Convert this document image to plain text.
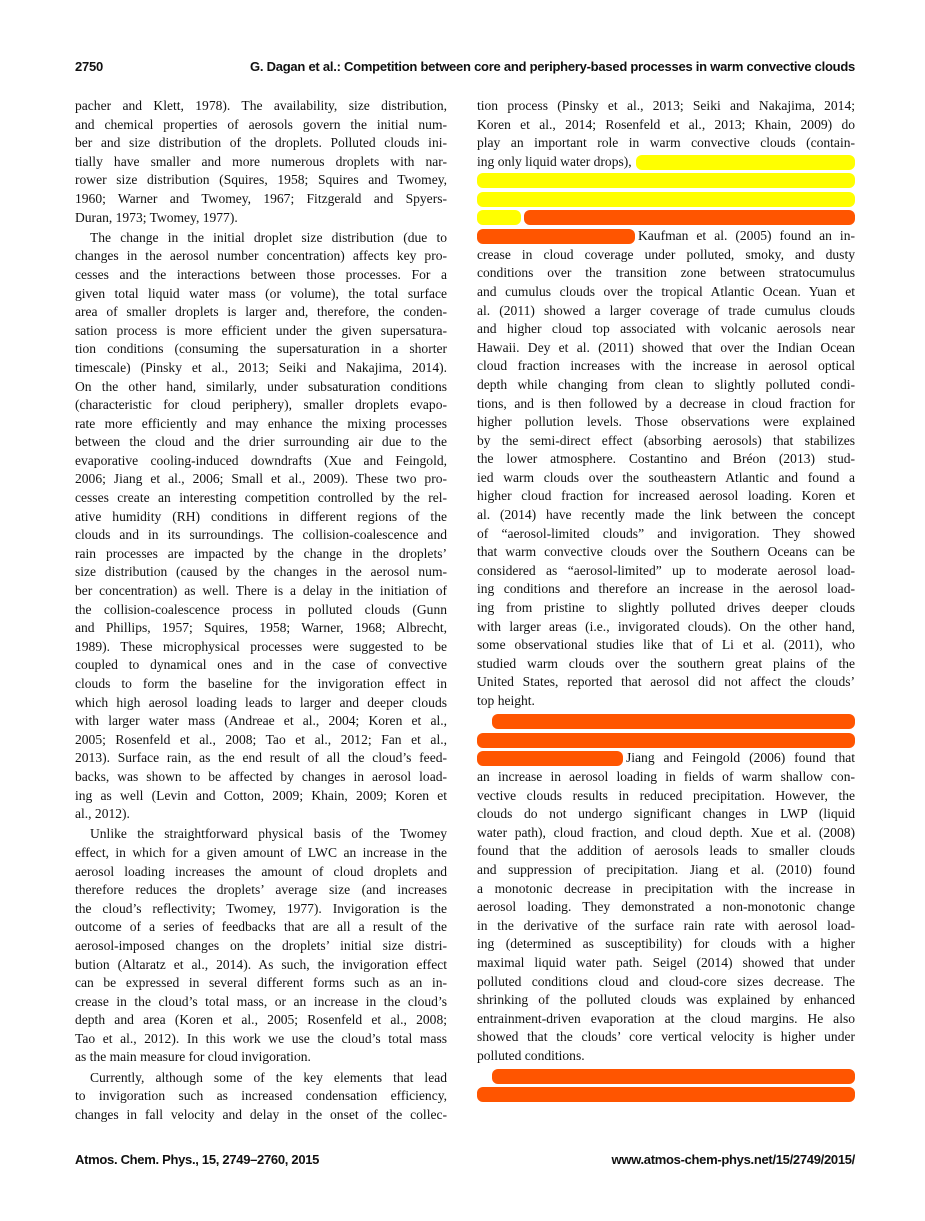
2750	G. Dagan et al.: Competition between core and periphery-based processes in warm convective clouds
pacher and Klett, 1978). The availability, size distribution,
and chemical properties of aerosols govern the initial num-
ber and size distribution of the droplets. Polluted clouds ini-
tially have smaller and more numerous droplets with nar-
rower size distribution (Squires, 1958; Squires and Twomey,
1960; Warner and Twomey, 1967; Fitzgerald and Spyers-
Duran, 1973; Twomey, 1977).
The change in the initial droplet size distribution (due to
changes in the aerosol number concentration) affects key pro-
cesses and the interactions between those processes. For a
given total liquid water mass (or volume), the total surface
area of smaller droplets is larger and, therefore, the conden-
sation process is more efficient under the given supersatura-
tion conditions (consuming the supersaturation in a shorter
timescale) (Pinsky et al., 2013; Seiki and Nakajima, 2014).
On the other hand, similarly, under subsaturation conditions
(characteristic for cloud periphery), smaller droplets evapo-
rate more efficiently and may enhance the mixing processes
between the cloud and the drier surrounding air due to the
evaporative cooling-induced downdrafts (Xue and Feingold,
2006; Jiang et al., 2006; Small et al., 2009). These two pro-
cesses create an interesting competition controlled by the rel-
ative humidity (RH) conditions in different regions of the
clouds and in its surroundings. The collision-coalescence and
rain processes are impacted by the change in the droplets’
size distribution (caused by the changes in the aerosol num-
ber concentration) as well. There is a delay in the initiation of
the collision-coalescence process in polluted clouds (Gunn
and Phillips, 1957; Squires, 1958; Warner, 1968; Albrecht,
1989). These microphysical processes were suggested to be
coupled to dynamical ones and in the case of convective
clouds to form the baseline for the invigoration effect in
which high aerosol loading leads to larger and deeper clouds
with larger water mass (Andreae et al., 2004; Koren et al.,
2005; Rosenfeld et al., 2008; Tao et al., 2012; Fan et al.,
2013). Surface rain, as the end result of all the cloud’s feed-
backs, was shown to be affected by changes in aerosol load-
ing as well (Levin and Cotton, 2009; Khain, 2009; Koren et
al., 2012).
Unlike the straightforward physical basis of the Twomey
effect, in which for a given amount of LWC an increase in the
aerosol loading increases the amount of cloud droplets and
therefore reduces the droplets’ average size (and increases
the cloud’s reflectivity; Twomey, 1977). Invigoration is the
outcome of a series of feedbacks that are all a result of the
aerosol-imposed changes on the droplets’ initial size distri-
bution (Altaratz et al., 2014). As such, the invigoration effect
can be expressed in several different forms such as an in-
crease in the cloud’s total mass, or an increase in the cloud’s
depth and area (Koren et al., 2005; Rosenfeld et al., 2008;
Tao et al., 2012). In this work we use the cloud’s total mass
as the main measure for cloud invigoration.
Currently, although some of the key elements that lead
to invigoration such as increased condensation efficiency,
changes in fall velocity and delay in the onset of the collec-
tion process (Pinsky et al., 2013; Seiki and Nakajima, 2014;
Koren et al., 2014; Rosenfeld et al., 2013; Khain, 2009) do
play an important role in warm convective clouds (contain-
ing only liquid water drops),
Kaufman et al. (2005) found an in-
crease in cloud coverage under polluted, smoky, and dusty
conditions over the transition zone between stratocumulus
and cumulus clouds over the tropical Atlantic Ocean. Yuan et
al. (2011) showed a larger coverage of trade cumulus clouds
and higher cloud top associated with volcanic aerosols near
Hawaii. Dey et al. (2011) showed that over the Indian Ocean
cloud fraction increases with the increase in aerosol optical
depth while changing from clean to slightly polluted condi-
tions, and is then followed by a decrease in cloud fraction for
higher pollution levels. Those observations were explained
by the semi-direct effect (absorbing aerosols) that stabilizes
the lower atmosphere. Costantino and Bréon (2013) stud-
ied warm clouds over the southeastern Atlantic and found a
higher cloud fraction for increased aerosol loading. Koren et
al. (2014) have recently made the link between the concept
of “aerosol-limited clouds” and invigoration. They showed
that warm convective clouds over the Southern Oceans can be
considered as “aerosol-limited” up to moderate aerosol load-
ing conditions and therefore an increase in the aerosol load-
ing from pristine to slightly polluted drives deeper clouds
with larger areas (i.e., invigorated clouds). On the other hand,
some observational studies like that of Li et al. (2011), who
studied warm clouds over the southern great plains of the
United States, reported that aerosol did not affect the clouds’
top height.
Jiang and Feingold (2006) found that
an increase in aerosol loading in fields of warm shallow con-
vective clouds results in reduced precipitation. However, the
clouds do not undergo significant changes in LWP (liquid
water path), cloud fraction, and cloud depth. Xue et al. (2008)
found that the addition of aerosols leads to smaller clouds
and suppression of precipitation. Jiang et al. (2010) found
a monotonic decrease in precipitation with the increase in
aerosol loading. They demonstrated a non-monotonic change
in the derivative of the surface rain rate with aerosol load-
ing (determined as susceptibility) for clouds with a higher
maximal liquid water path. Seigel (2014) showed that under
polluted conditions cloud and cloud-core sizes decrease. The
shrinking of the polluted clouds was explained by enhanced
entrainment-driven evaporation at the cloud margins. He also
showed that the clouds’ core vertical velocity is higher under
polluted conditions.
Atmos. Chem. Phys., 15, 2749–2760, 2015	www.atmos-chem-phys.net/15/2749/2015/
